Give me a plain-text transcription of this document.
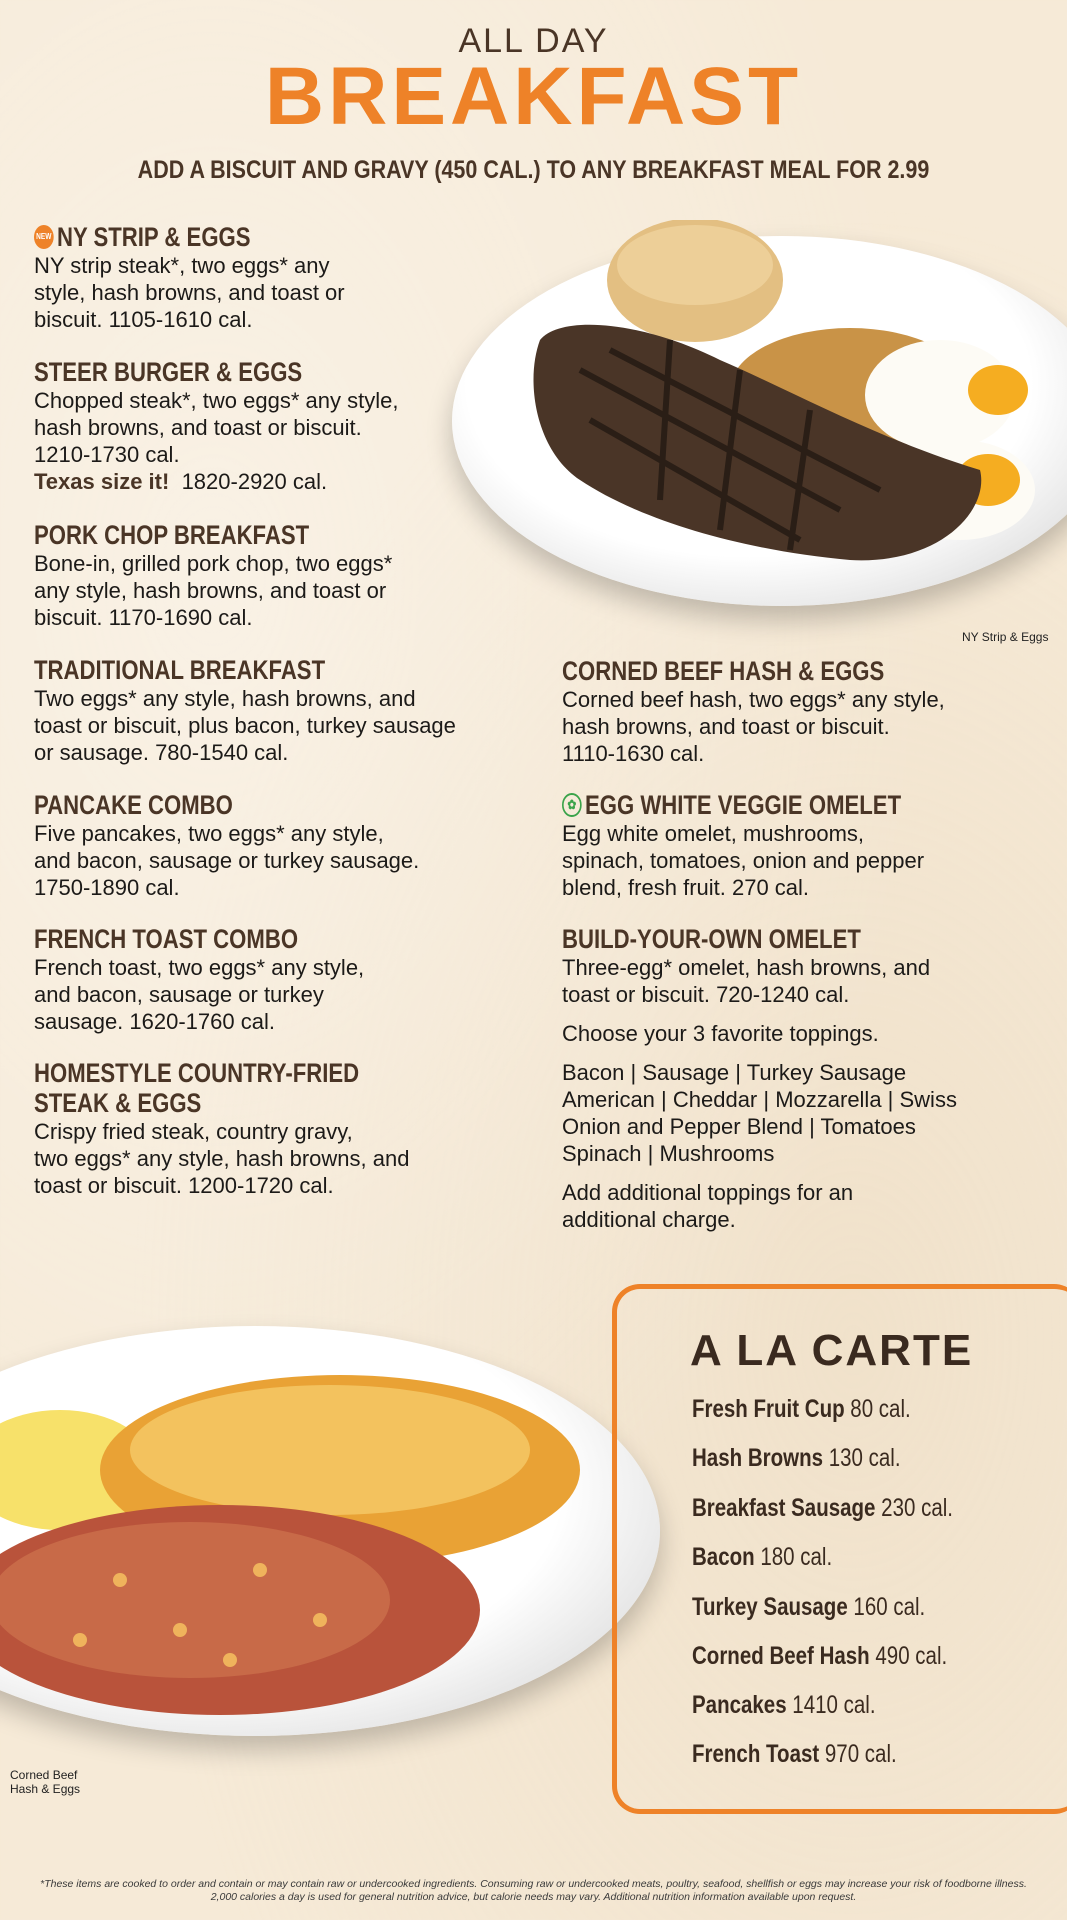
ALL DAY
BREAKFAST
ADD A BISCUIT AND GRAVY (450 CAL.) TO ANY BREAKFAST MEAL FOR 2.99
NEW NY STRIP & EGGS
NY strip steak*, two eggs* any
style, hash browns, and toast or
biscuit. 1105-1610 cal.
STEER BURGER & EGGS
Chopped steak*, two eggs* any style,
hash browns, and toast or biscuit.
1210-1730 cal.
Texas size it! 1820-2920 cal.
PORK CHOP BREAKFAST
Bone-in, grilled pork chop, two eggs*
any style, hash browns, and toast or
biscuit. 1170-1690 cal.
TRADITIONAL BREAKFAST
Two eggs* any style, hash browns, and
toast or biscuit, plus bacon, turkey sausage
or sausage. 780-1540 cal.
PANCAKE COMBO
Five pancakes, two eggs* any style,
and bacon, sausage or turkey sausage.
1750-1890 cal.
FRENCH TOAST COMBO
French toast, two eggs* any style,
and bacon, sausage or turkey
sausage. 1620-1760 cal.
HOMESTYLE COUNTRY-FRIED
STEAK & EGGS
Crispy fried steak, country gravy,
two eggs* any style, hash browns, and
toast or biscuit. 1200-1720 cal.
CORNED BEEF HASH & EGGS
Corned beef hash, two eggs* any style,
hash browns, and toast or biscuit.
1110-1630 cal.
✿ EGG WHITE VEGGIE OMELET
Egg white omelet, mushrooms,
spinach, tomatoes, onion and pepper
blend, fresh fruit. 270 cal.
BUILD-YOUR-OWN OMELET
Three-egg* omelet, hash browns, and
toast or biscuit. 720-1240 cal.
Choose your 3 favorite toppings.
Bacon | Sausage | Turkey Sausage
American | Cheddar | Mozzarella | Swiss
Onion and Pepper Blend | Tomatoes
Spinach | Mushrooms
Add additional toppings for an
additional charge.
NY Strip & Eggs
Corned Beef
Hash & Eggs
A LA CARTE
Fresh Fruit Cup 80 cal.
Hash Browns 130 cal.
Breakfast Sausage 230 cal.
Bacon 180 cal.
Turkey Sausage 160 cal.
Corned Beef Hash 490 cal.
Pancakes 1410 cal.
French Toast 970 cal.
*These items are cooked to order and contain or may contain raw or undercooked ingredients. Consuming raw or undercooked meats, poultry, seafood, shellfish or eggs may increase your risk of foodborne illness.
2,000 calories a day is used for general nutrition advice, but calorie needs may vary. Additional nutrition information available upon request.
